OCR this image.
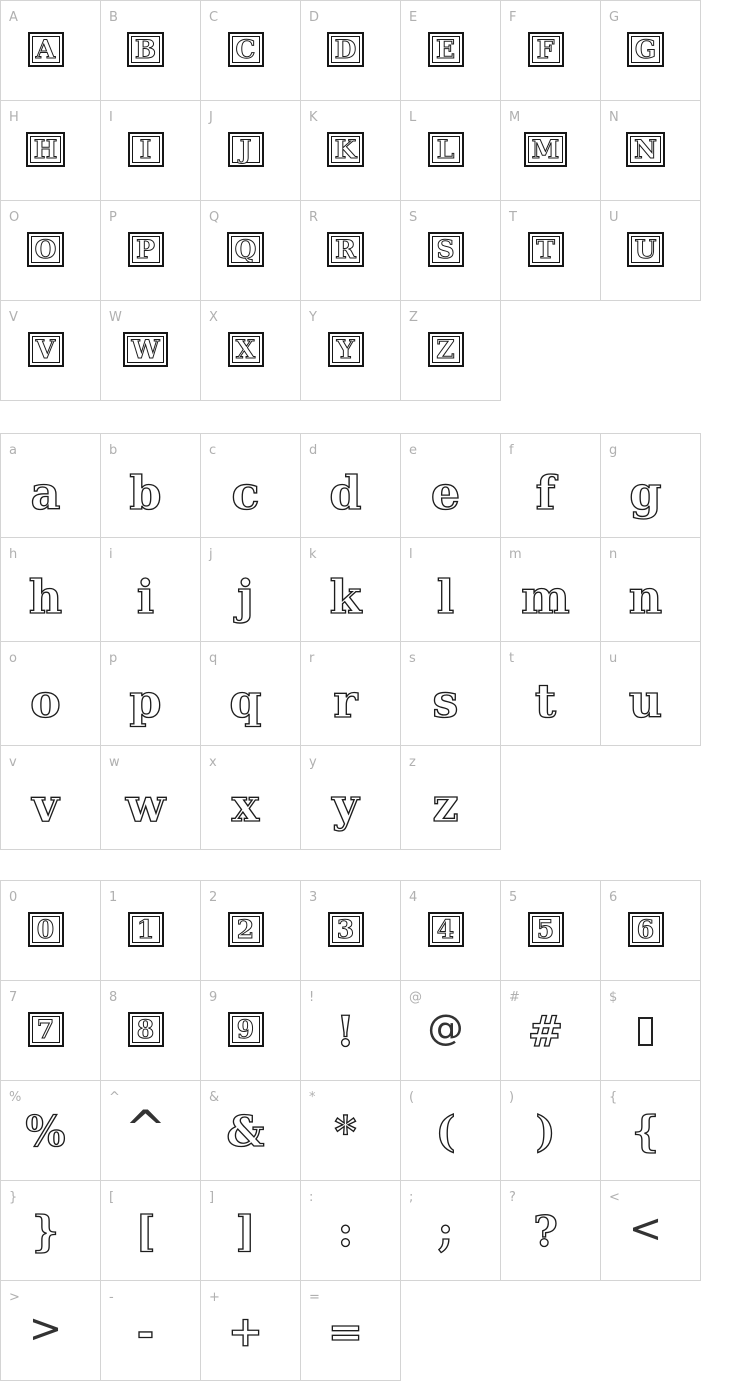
A
A
B
B
C
C
D
D
E
E
F
F
G
G
H
H
I
I
J
J
K
K
L
L
M
M
N
N
O
O
P
P
Q
Q
R
R
S
S
T
T
U
U
V
V
W
W
X
X
Y
Y
Z
Z
a
a
b
b
c
c
d
d
e
e
f
f
g
g
h
h
i
i
j
j
k
k
l
l
m
m
n
n
o
o
p
p
q
q
r
r
s
s
t
t
u
u
v
v
w
w
x
x
y
y
z
z
0
0
1
1
2
2
3
3
4
4
5
5
6
6
7
7
8
8
9
9
!
!
@
@
#
#
$
%
%
^
^
&
&
*
*
(
(
)
)
{
{
}
}
[
[
]
]
:
:
;
;
?
?
<
<
>
>
-
-
+
+
=
=
